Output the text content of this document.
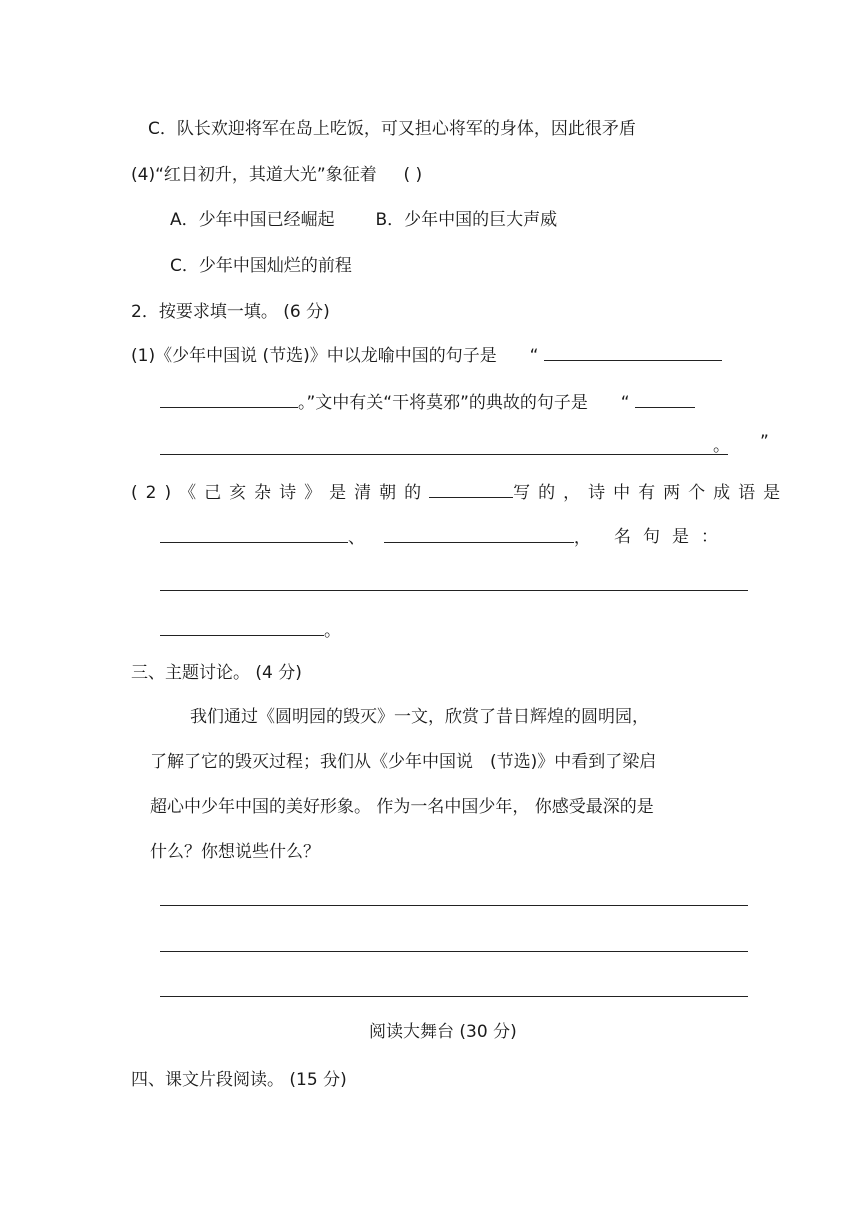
C．队长欢迎将军在岛上吃饭，可又担心将军的身体，因此很矛盾
(4)“红日初升，其道大光”象征着 ( )
A．少年中国已经崛起 B．少年中国的巨大声威
C．少年中国灿烂的前程
2．按要求填一填。 (6 分)
(1)《少年中国说 (节选)》中以龙喻中国的句子是 “
。”文中有关“干将莫邪”的典故的句子是 “
。 ”
(2)《己亥杂诗》是清朝的	写的，诗中有两个成语是
、	， 名句是：
。
三、主题讨论。 (4 分)
我们通过《圆明园的毁灭》一文，欣赏了昔日辉煌的圆明园，
了解了它的毁灭过程；我们从《少年中国说　(节选)》中看到了梁启
超心中少年中国的美好形象。 作为一名中国少年， 你感受最深的是
什么？你想说些什么？
阅读大舞台 (30 分)
四、课文片段阅读。 (15 分)
